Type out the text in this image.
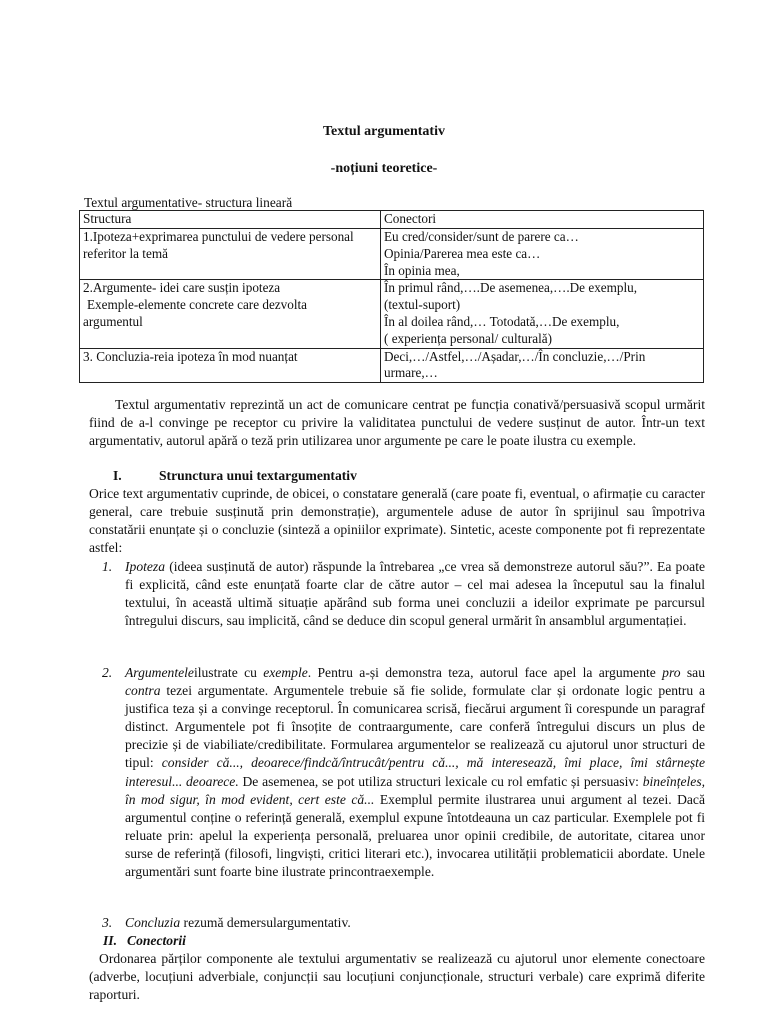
Textul argumentativ
-noțiuni teoretice-
Textul argumentative- structura lineară
Structura	Conectori

1.Ipoteza+exprimarea punctului de vedere personal
referitor la temă	Eu cred/consider/sunt de parere ca…
Opinia/Parerea mea este ca…
În opinia mea,

2.Argumente- idei care susțin ipoteza
Exemple-elemente concrete care dezvolta
argumentul	În primul rând,….De asemenea,….De exemplu,
(textul-suport)
În al doilea rând,… Totodată,…De exemplu,
( experiența personal/ culturală)

3. Concluzia-reia ipoteza în mod nuanțat	Deci,…/Astfel,…/Așadar,…/În concluzie,…/Prin
urmare,…
Textul argumentativ reprezintă un act de comunicare centrat pe funcția conativă/persuasivă scopul urmărit fiind de a-l convinge pe receptor cu privire la validitatea punctului de vedere susținut de autor. Într-un text argumentativ, autorul apără o teză prin utilizarea unor argumente pe care le poate ilustra cu exemple.
I.	Strunctura unui textargumentativ
Orice text argumentativ cuprinde, de obicei, o constatare generală (care poate fi, eventual, o afirmație cu caracter general, care trebuie susținută prin demonstrație), argumentele aduse de autor în sprijinul sau împotriva constatării enunțate și o concluzie (sinteză a opiniilor exprimate). Sintetic, aceste componente pot fi reprezentate astfel:
1. Ipoteza (ideea susținută de autor) răspunde la întrebarea „ce vrea să demonstreze autorul său?”. Ea poate fi explicită, când este enunțată foarte clar de către autor – cel mai adesea la începutul sau la finalul textului, în această ultimă situație apărând sub forma unei concluzii a ideilor exprimate pe parcursul întregului discurs, sau implicită, când se deduce din scopul general urmărit în ansamblul argumentației.
2. Argumenteleilustrate cu exemple. Pentru a-și demonstra teza, autorul face apel la argumente pro sau contra tezei argumentate. Argumentele trebuie să fie solide, formulate clar și ordonate logic pentru a justifica teza și a convinge receptorul. În comunicarea scrisă, fiecărui argument îi corespunde un paragraf distinct. Argumentele pot fi însoțite de contraargumente, care conferă întregului discurs un plus de precizie și de viabiliate/credibilitate. Formularea argumentelor se realizează cu ajutorul unor structuri de tipul: consider că..., deoarece/findcă/întrucât/pentru că..., mă interesează, îmi place, îmi stârnește interesul... deoarece. De asemenea, se pot utiliza structuri lexicale cu rol emfatic și persuasiv: bineînțeles, în mod sigur, în mod evident, cert este că... Exemplul permite ilustrarea unui argument al tezei. Dacă argumentul conține o referință generală, exemplul expune întotdeauna un caz particular. Exemplele pot fi reluate prin: apelul la experiența personală, preluarea unor opinii credibile, de autoritate, citarea unor surse de referință (filosofi, lingviști, critici literari etc.), invocarea utilității problematicii abordate. Unele argumentări sunt foarte bine ilustrate princontraexemple.
3. Concluzia rezumă demersulargumentativ.
II. Conectorii
Ordonarea părților componente ale textului argumentativ se realizează cu ajutorul unor elemente conectoare (adverbe, locuțiuni adverbiale, conjuncții sau locuțiuni conjuncționale, structuri verbale) care exprimă diferite raporturi.
